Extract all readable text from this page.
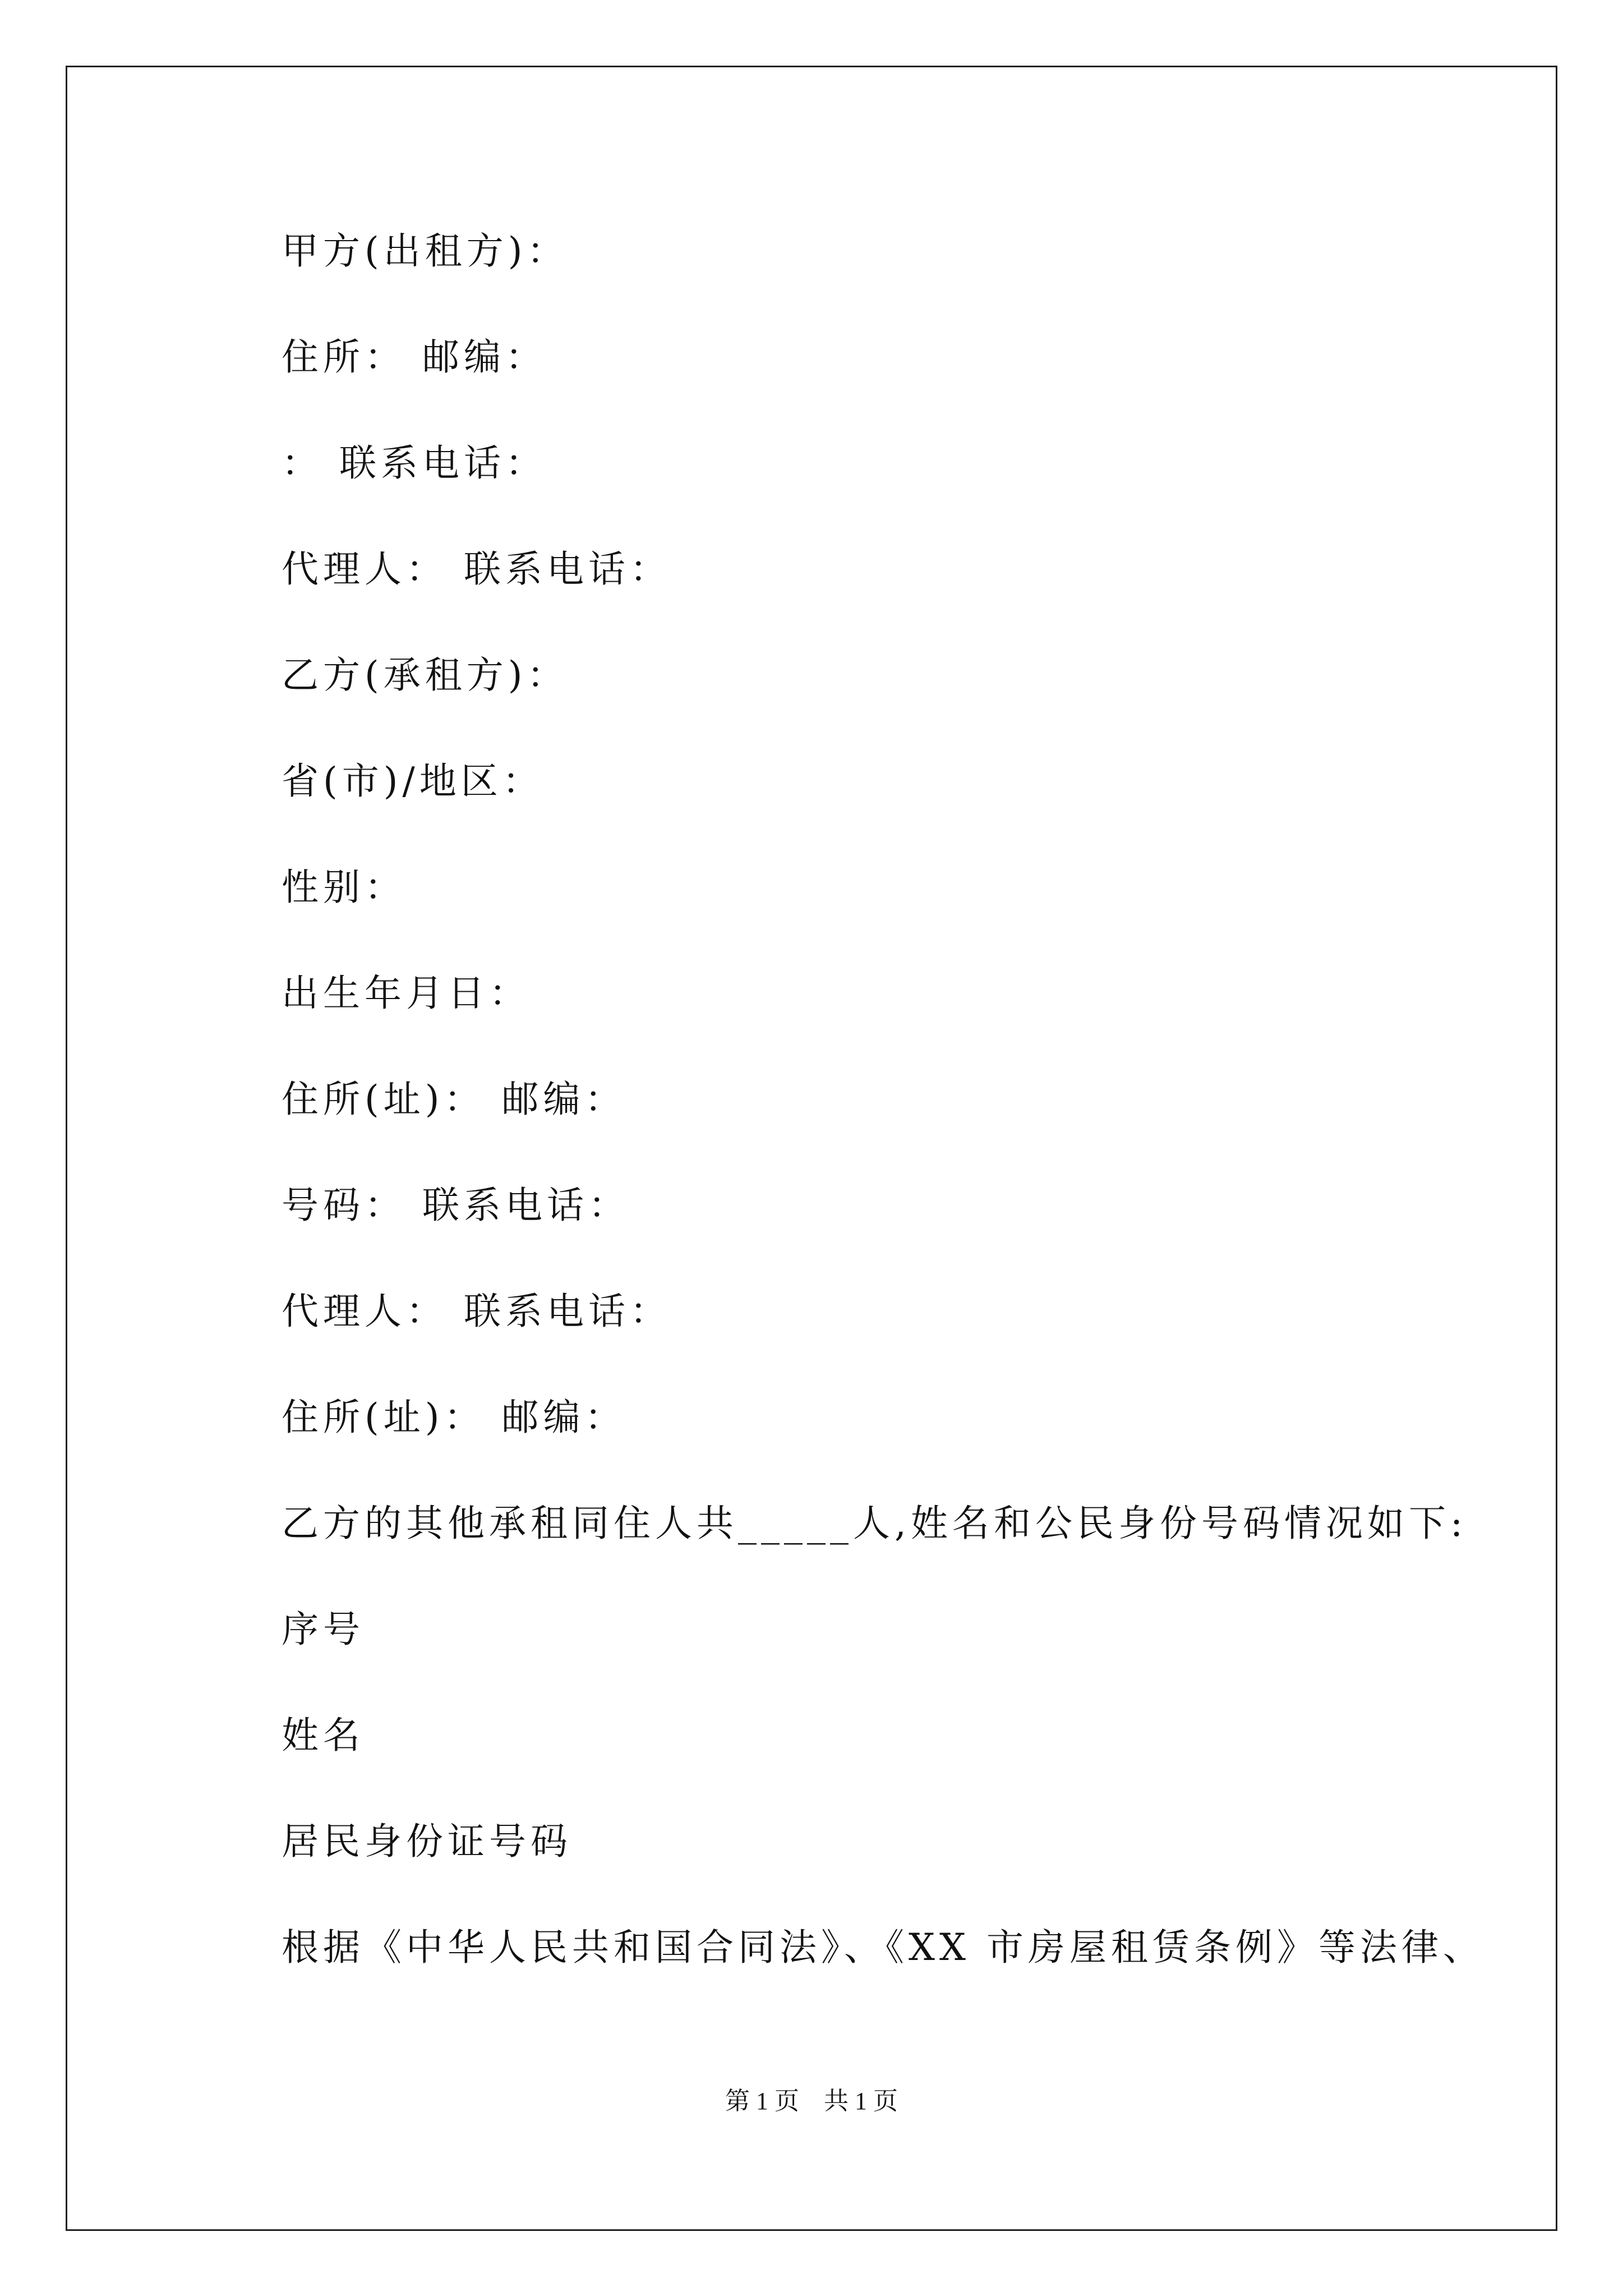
甲方(出租方)：
住所： 邮编：
： 联系电话：
代理人： 联系电话：
乙方(承租方)：
省(市)/地区：
性别：
出生年月日：
住所(址)： 邮编：
号码： 联系电话：
代理人： 联系电话：
住所(址)： 邮编：
乙方的其他承租同住人共_____人,姓名和公民身份号码情况如下:
序号
姓名
居民身份证号码
根据《中华人民共和国合同法》、《XX 市房屋租赁条例》等法律、
第 1 页　共 1 页
